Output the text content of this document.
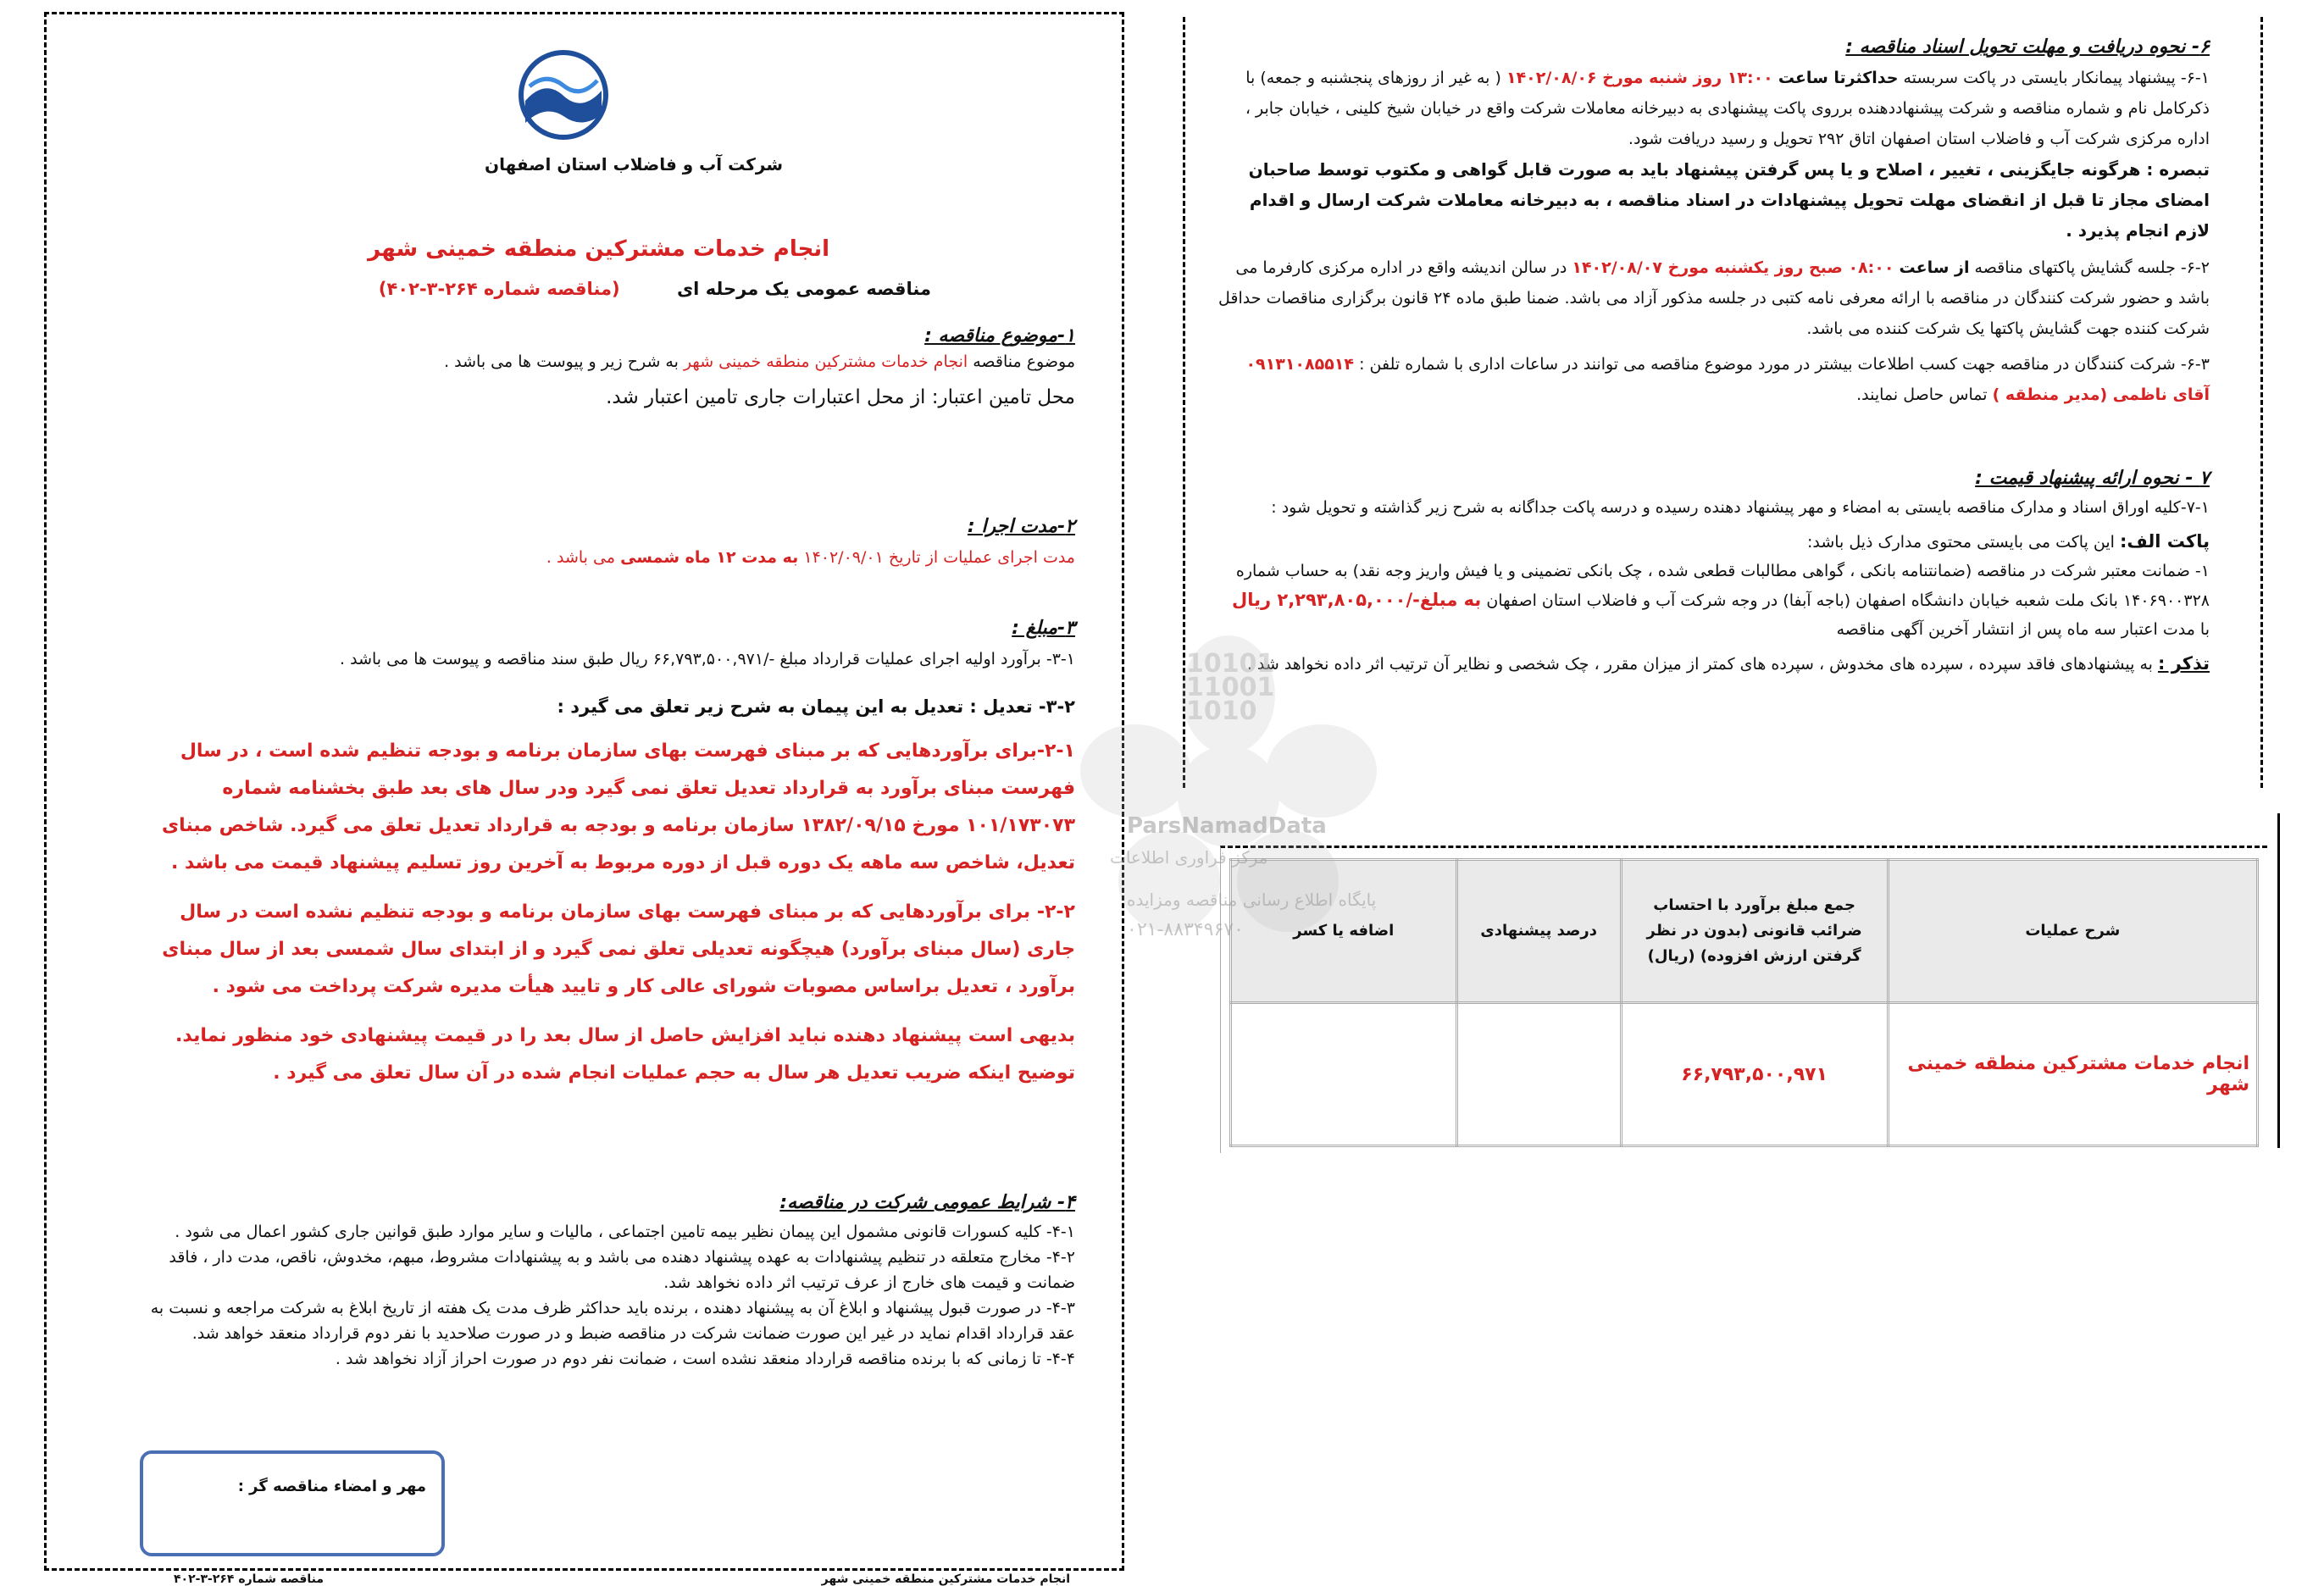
شرکت آب و فاضلاب استان اصفهان
انجام خدمات مشترکین منطقه خمینی شهر
مناقصه عمومی یک مرحله ای (مناقصه شماره ۲۶۴-۳-۴۰۲)
۱-موضوع مناقصه :
موضوع مناقصه انجام خدمات مشترکین منطقه خمینی شهر به شرح زیر و پیوست ها می باشد .
محل تامین اعتبار: از محل اعتبارات جاری تامین اعتبار شد.
۲-مدت اجرا :
مدت اجرای عملیات از تاریخ ۱۴۰۲/۰۹/۰۱ به مدت ۱۲ ماه شمسی می باشد .
۳-مبلغ :
۳-۱- برآورد اولیه اجرای عملیات قرارداد مبلغ -/۶۶,۷۹۳,۵۰۰,۹۷۱ ریال طبق سند مناقصه و پیوست ها می باشد .
۳-۲- تعدیل : تعدیل به این پیمان به شرح زیر تعلق می گیرد :
۲-۱-برای برآوردهایی که بر مبنای فهرست بهای سازمان برنامه و بودجه تنظیم شده است ، در سال فهرست مبنای برآورد به قرارداد تعدیل تعلق نمی گیرد ودر سال های بعد طبق بخشنامه شماره ۱۰۱/۱۷۳۰۷۳ مورخ ۱۳۸۲/۰۹/۱۵ سازمان برنامه و بودجه به قرارداد تعدیل تعلق می گیرد. شاخص مبنای تعدیل، شاخص سه ماهه یک دوره قبل از دوره مربوط به آخرین روز تسلیم پیشنهاد قیمت می باشد .
۲-۲- برای برآوردهایی که بر مبنای فهرست بهای سازمان برنامه و بودجه تنظیم نشده است در سال جاری (سال مبنای برآورد) هیچگونه تعدیلی تعلق نمی گیرد و از ابتدای سال شمسی بعد از سال مبنای برآورد ، تعدیل براساس مصوبات شورای عالی کار و تایید هیأت مدیره شرکت پرداخت می شود .
بدیهی است پیشنهاد دهنده نباید افزایش حاصل از سال بعد را در قیمت پیشنهادی خود منظور نماید. توضیح اینکه ضریب تعدیل هر سال به حجم عملیات انجام شده در آن سال تعلق می گیرد .
۴- شرایط عمومی شرکت در مناقصه:
۴-۱- کلیه کسورات قانونی مشمول این پیمان نظیر بیمه تامین اجتماعی ، مالیات و سایر موارد طبق قوانین جاری کشور اعمال می شود .
۴-۲- مخارج متعلقه در تنظیم پیشنهادات به عهده پیشنهاد دهنده می باشد و به پیشنهادات مشروط، مبهم، مخدوش، ناقص، مدت دار ، فاقد ضمانت و قیمت های خارج از عرف ترتیب اثر داده نخواهد شد.
۴-۳- در صورت قبول پیشنهاد و ابلاغ آن به پیشنهاد دهنده ، برنده باید حداکثر ظرف مدت یک هفته از تاریخ ابلاغ به شرکت مراجعه و نسبت به عقد قرارداد اقدام نماید در غیر این صورت ضمانت شرکت در مناقصه ضبط و در صورت صلاحدید با نفر دوم قرارداد منعقد خواهد شد.
۴-۴- تا زمانی که با برنده مناقصه قرارداد منعقد نشده است ، ضمانت نفر دوم در صورت احراز آزاد نخواهد شد .
مهر و امضاء مناقصه گر :
انجام خدمات مشترکین منطقه خمینی شهر
مناقصه شماره ۲۶۴-۳-۴۰۲
۶- نحوه دریافت و مهلت تحویل اسناد مناقصه :
۶-۱- پیشنهاد پیمانکار بایستی در پاکت سربسته حداکثرتا ساعت ۱۳:۰۰ روز شنبه مورخ ۱۴۰۲/۰۸/۰۶ ( به غیر از روزهای پنجشنبه و جمعه) با ذکرکامل نام و شماره مناقصه و شرکت پیشنهاددهنده برروی پاکت پیشنهادی به دبیرخانه معاملات شرکت واقع در خیابان شیخ کلینی ، خیابان جابر ، اداره مرکزی شرکت آب و فاضلاب استان اصفهان اتاق ۲۹۲ تحویل و رسید دریافت شود.
تبصره : هرگونه جایگزینی ، تغییر ، اصلاح و یا پس گرفتن پیشنهاد باید به صورت قابل گواهی و مکتوب توسط صاحبان امضای مجاز تا قبل از انقضای مهلت تحویل پیشنهادات در اسناد مناقصه ، به دبیرخانه معاملات شرکت ارسال و اقدام لازم انجام پذیرد .
۶-۲- جلسه گشایش پاکتهای مناقصه از ساعت ۰۸:۰۰ صبح روز یکشنبه مورخ ۱۴۰۲/۰۸/۰۷ در سالن اندیشه واقع در اداره مرکزی کارفرما می باشد و حضور شرکت کنندگان در مناقصه با ارائه معرفی نامه کتبی در جلسه مذکور آزاد می باشد. ضمنا طبق ماده ۲۴ قانون برگزاری مناقصات حداقل شرکت کننده جهت گشایش پاکتها یک شرکت کننده می باشد.
۶-۳- شرکت کنندگان در مناقصه جهت کسب اطلاعات بیشتر در مورد موضوع مناقصه می توانند در ساعات اداری با شماره تلفن : ۰۹۱۳۱۰۸۵۵۱۴ آقای ناظمی (مدیر منطقه ) تماس حاصل نمایند.
۷ - نحوه ارائه پیشنهاد قیمت :
۷-۱-کلیه اوراق اسناد و مدارک مناقصه بایستی به امضاء و مهر پیشنهاد دهنده رسیده و درسه پاکت جداگانه به شرح زیر گذاشته و تحویل شود :
پاکت الف: این پاکت می بایستی محتوی مدارک ذیل باشد:
۱- ضمانت معتبر شرکت در مناقصه (ضمانتنامه بانکی ، گواهی مطالبات قطعی شده ، چک بانکی تضمینی و یا فیش واریز وجه نقد) به حساب شماره ۱۴۰۶۹۰۰۳۲۸ بانک ملت شعبه خیابان دانشگاه اصفهان (باجه آبفا) در وجه شرکت آب و فاضلاب استان اصفهان به مبلغ-/۲,۲۹۳,۸۰۵,۰۰۰ ریال با مدت اعتبار سه ماه پس از انتشار آخرین آگهی مناقصه
تذکر : به پیشنهادهای فاقد سپرده ، سپرده های مخدوش ، سپرده های کمتر از میزان مقرر ، چک شخصی و نظایر آن ترتیب اثر داده نخواهد شد .
شرح عملیات	جمع مبلغ برآورد با احتساب ضرائب قانونی (بدون در نظر گرفتن ارزش افزوده) (ریال)	درصد پیشنهادی	اضافه یا کسر
انجام خدمات مشترکین منطقه خمینی شهر	۶۶,۷۹۳,۵۰۰,۹۷۱		
10101
11001
1010
ParsNamadData
مرکز فراوری اطلاعات
پایگاه اطلاع رسانی مناقصه ومزایده
۰۲۱-۸۸۳۴۹۶۷۰
